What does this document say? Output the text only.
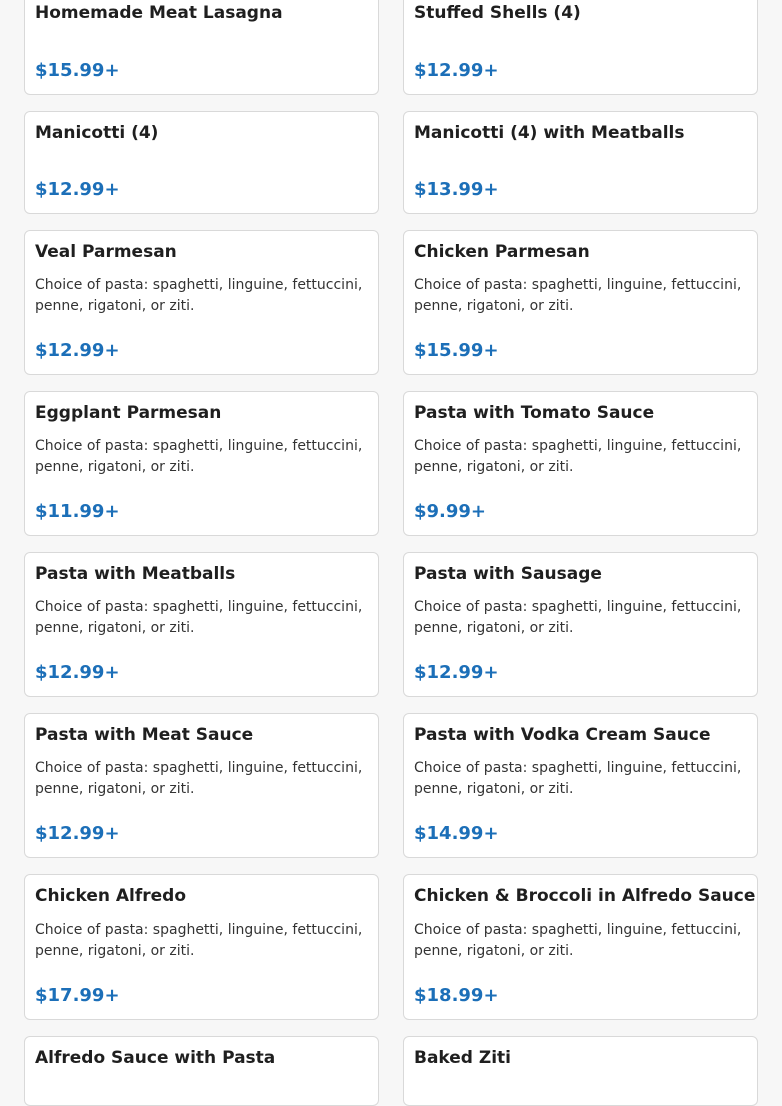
Homemade Meat Lasagna
$15.99+
Stuffed Shells (4)
$12.99+
Manicotti (4)
$12.99+
Manicotti (4) with Meatballs
$13.99+
Veal Parmesan
Choice of pasta: spaghetti, linguine, fettuccini, penne, rigatoni, or ziti.
$12.99+
Chicken Parmesan
Choice of pasta: spaghetti, linguine, fettuccini, penne, rigatoni, or ziti.
$15.99+
Eggplant Parmesan
Choice of pasta: spaghetti, linguine, fettuccini, penne, rigatoni, or ziti.
$11.99+
Pasta with Tomato Sauce
Choice of pasta: spaghetti, linguine, fettuccini, penne, rigatoni, or ziti.
$9.99+
Pasta with Meatballs
Choice of pasta: spaghetti, linguine, fettuccini, penne, rigatoni, or ziti.
$12.99+
Pasta with Sausage
Choice of pasta: spaghetti, linguine, fettuccini, penne, rigatoni, or ziti.
$12.99+
Pasta with Meat Sauce
Choice of pasta: spaghetti, linguine, fettuccini, penne, rigatoni, or ziti.
$12.99+
Pasta with Vodka Cream Sauce
Choice of pasta: spaghetti, linguine, fettuccini, penne, rigatoni, or ziti.
$14.99+
Chicken Alfredo
Choice of pasta: spaghetti, linguine, fettuccini, penne, rigatoni, or ziti.
$17.99+
Chicken & Broccoli in Alfredo Sauce
Choice of pasta: spaghetti, linguine, fettuccini, penne, rigatoni, or ziti.
$18.99+
Alfredo Sauce with Pasta	Baked Ziti
